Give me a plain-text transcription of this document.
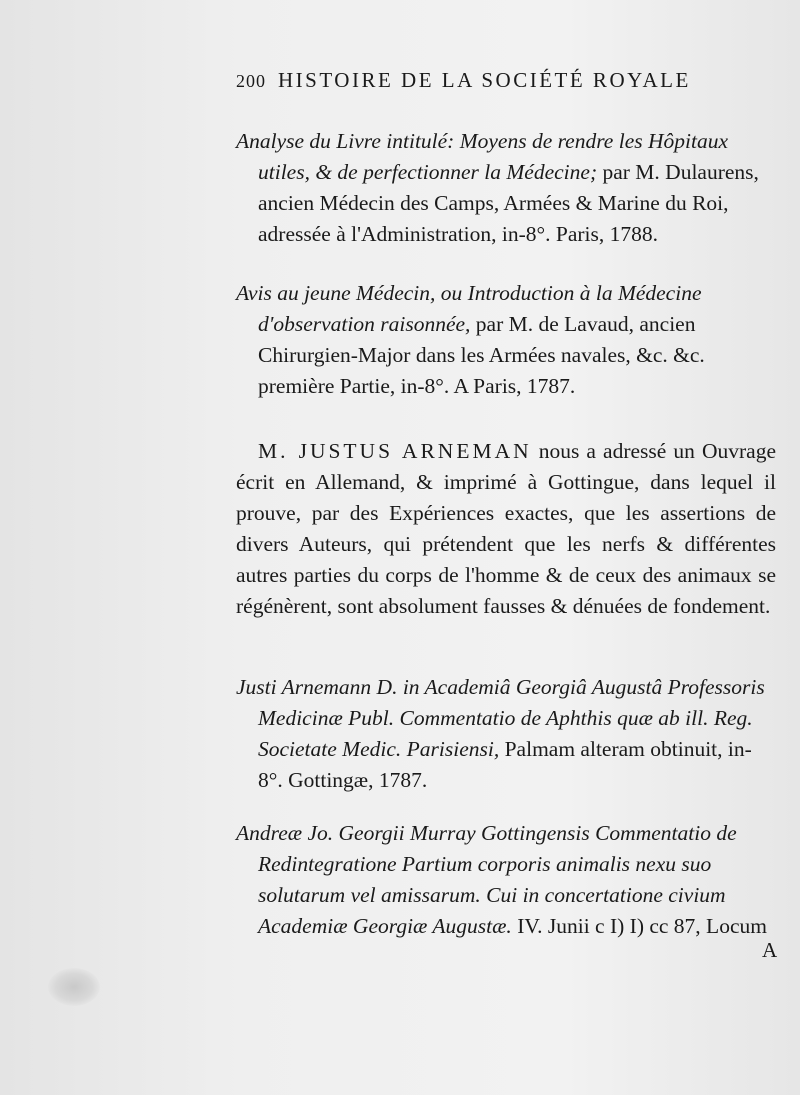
200 HISTOIRE DE LA SOCIÉTÉ ROYALE

Analyse du Livre intitulé: Moyens de rendre les Hôpitaux utiles, & de perfectionner la Médecine; par M. Dulaurens, ancien Médecin des Camps, Armées & Marine du Roi, adressée à l'Administration, in-8°. Paris, 1788.

Avis au jeune Médecin, ou Introduction à la Médecine d'observation raisonnée, par M. de Lavaud, ancien Chirurgien-Major dans les Armées navales, &c. &c. première Partie, in-8°. A Paris, 1787.

M. JUSTUS ARNEMAN nous a adressé un Ouvrage écrit en Allemand, & imprimé à Gottingue, dans lequel il prouve, par des Expériences exactes, que les assertions de divers Auteurs, qui prétendent que les nerfs & différentes autres parties du corps de l'homme & de ceux des animaux se régénèrent, sont absolument fausses & dénuées de fondement.

Justi Arnemann D. in Academiâ Georgiâ Augustâ Professoris Medicinæ Publ. Commentatio de Aphthis quæ ab ill. Reg. Societate Medic. Parisiensi, Palmam alteram obtinuit, in-8°. Gottingæ, 1787.

Andreæ Jo. Georgii Murray Gottingensis Commentatio de Redintegratione Partium corporis animalis nexu suo solutarum vel amissarum. Cui in concertatione civium Academiæ Georgiæ Augustæ. IV. Junii c I) I) cc 87, Locum

A
